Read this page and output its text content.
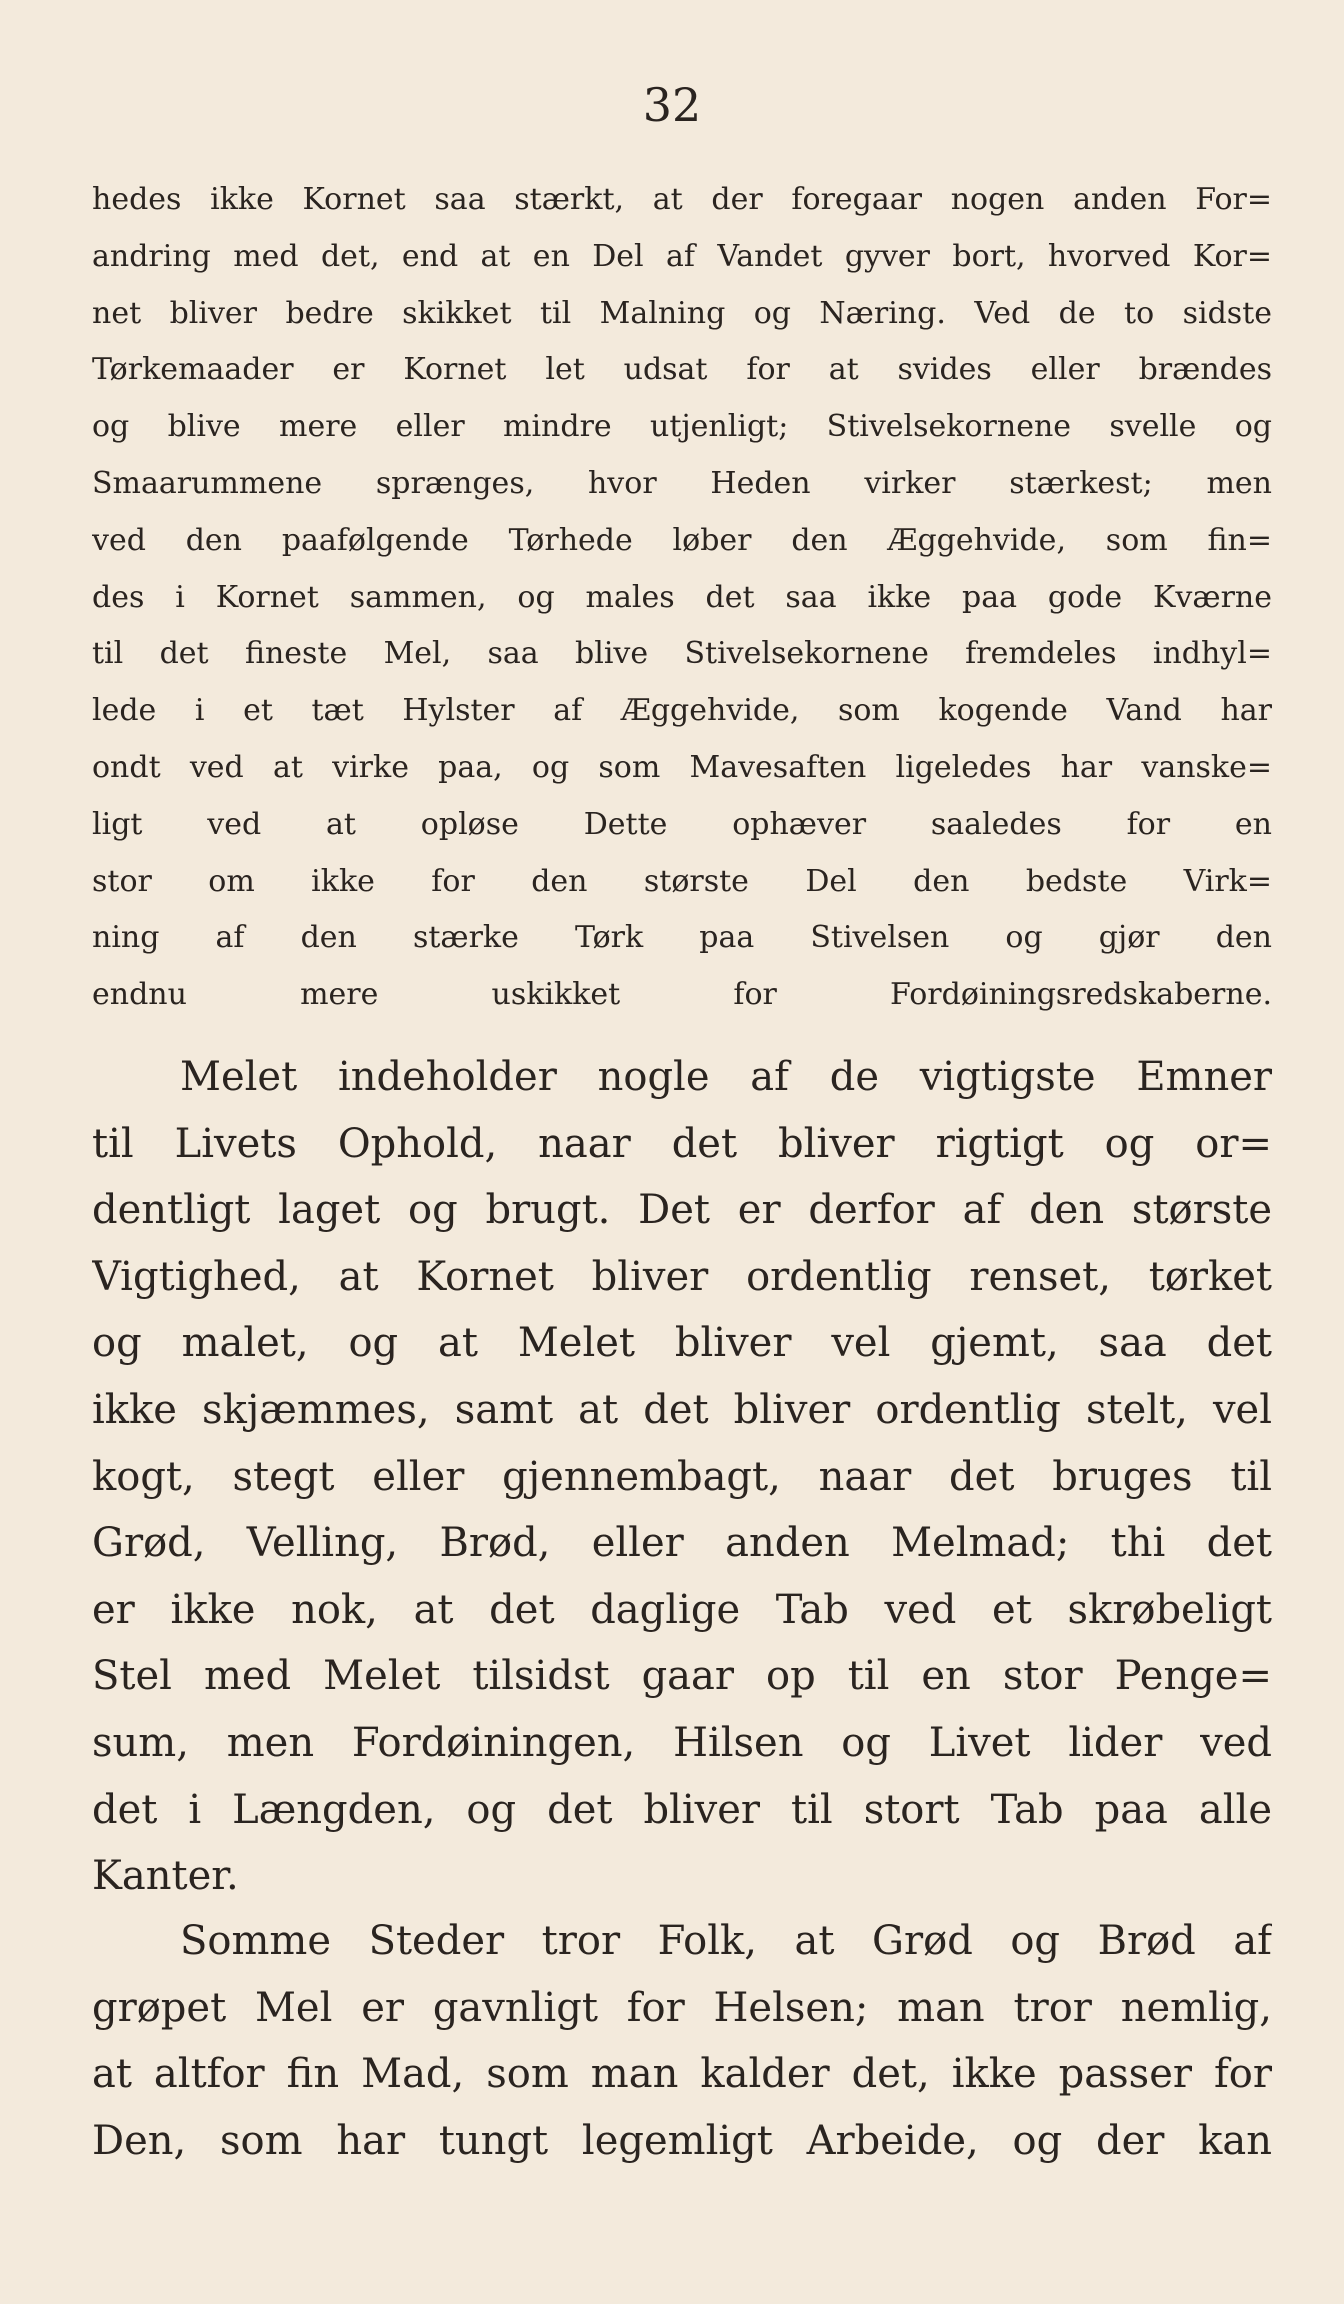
32
hedes ikke Kornet saa stærkt, at der foregaar nogen anden For=
andring med det, end at en Del af Vandet gyver bort, hvorved Kor=
net bliver bedre skikket til Malning og Næring. Ved de to sidste
Tørkemaader er Kornet let udsat for at svides eller brændes
og blive mere eller mindre utjenligt; Stivelsekornene svelle og
Smaarummene sprænges, hvor Heden virker stærkest; men
ved den paafølgende Tørhede løber den Æggehvide, som fin=
des i Kornet sammen, og males det saa ikke paa gode Kværne
til det fineste Mel, saa blive Stivelsekornene fremdeles indhyl=
lede i et tæt Hylster af Æggehvide, som kogende Vand har
ondt ved at virke paa, og som Mavesaften ligeledes har vanske=
ligt ved at opløse Dette ophæver saaledes for en
stor om ikke for den største Del den bedste Virk=
ning af den stærke Tørk paa Stivelsen og gjør den
endnu mere uskikket for Fordøiningsredskaberne.
Melet indeholder nogle af de vigtigste Emner
til Livets Ophold, naar det bliver rigtigt og or=
dentligt laget og brugt. Det er derfor af den største
Vigtighed, at Kornet bliver ordentlig renset, tørket
og malet, og at Melet bliver vel gjemt, saa det
ikke skjæmmes, samt at det bliver ordentlig stelt, vel
kogt, stegt eller gjennembagt, naar det bruges til
Grød, Velling, Brød, eller anden Melmad; thi det
er ikke nok, at det daglige Tab ved et skrøbeligt
Stel med Melet tilsidst gaar op til en stor Penge=
sum, men Fordøiningen, Hilsen og Livet lider ved
det i Længden, og det bliver til stort Tab paa alle
Kanter.
Somme Steder tror Folk, at Grød og Brød af
grøpet Mel er gavnligt for Helsen; man tror nemlig,
at altfor fin Mad, som man kalder det, ikke passer for
Den, som har tungt legemligt Arbeide, og der kan
